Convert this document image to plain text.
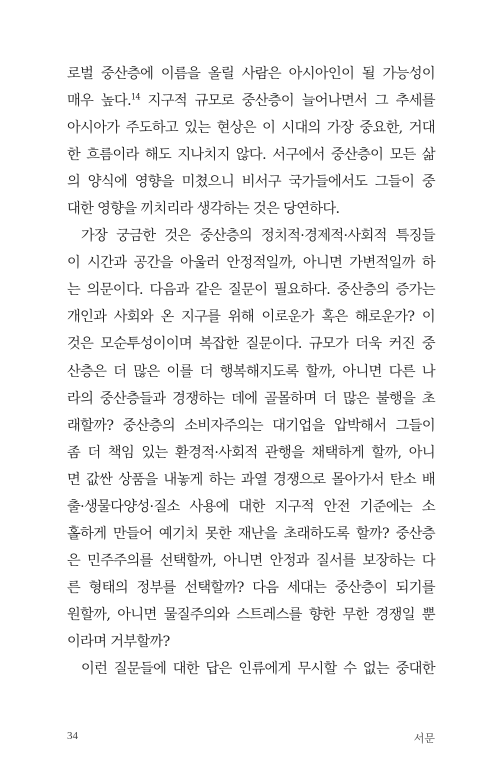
로벌 중산층에 이름을 올릴 사람은 아시아인이 될 가능성이
매우 높다.$^{14}$ 지구적 규모로 중산층이 늘어나면서 그 추세를
아시아가 주도하고 있는 현상은 이 시대의 가장 중요한, 거대
한 흐름이라 해도 지나치지 않다. 서구에서 중산층이 모든 삶
의 양식에 영향을 미쳤으니 비서구 국가들에서도 그들이 중
대한 영향을 끼치리라 생각하는 것은 당연하다.
가장 궁금한 것은 중산층의 정치적·경제적·사회적 특징들
이 시간과 공간을 아울러 안정적일까, 아니면 가변적일까 하
는 의문이다. 다음과 같은 질문이 필요하다. 중산층의 증가는
개인과 사회와 온 지구를 위해 이로운가 혹은 해로운가? 이
것은 모순투성이이며 복잡한 질문이다. 규모가 더욱 커진 중
산층은 더 많은 이를 더 행복해지도록 할까, 아니면 다른 나
라의 중산층들과 경쟁하는 데에 골몰하며 더 많은 불행을 초
래할까? 중산층의 소비자주의는 대기업을 압박해서 그들이
좀 더 책임 있는 환경적·사회적 관행을 채택하게 할까, 아니
면 값싼 상품을 내놓게 하는 과열 경쟁으로 몰아가서 탄소 배
출·생물다양성·질소 사용에 대한 지구적 안전 기준에는 소
홀하게 만들어 예기치 못한 재난을 초래하도록 할까? 중산층
은 민주주의를 선택할까, 아니면 안정과 질서를 보장하는 다
른 형태의 정부를 선택할까? 다음 세대는 중산층이 되기를
원할까, 아니면 물질주의와 스트레스를 향한 무한 경쟁일 뿐
이라며 거부할까?
이런 질문들에 대한 답은 인류에게 무시할 수 없는 중대한
34	서문
